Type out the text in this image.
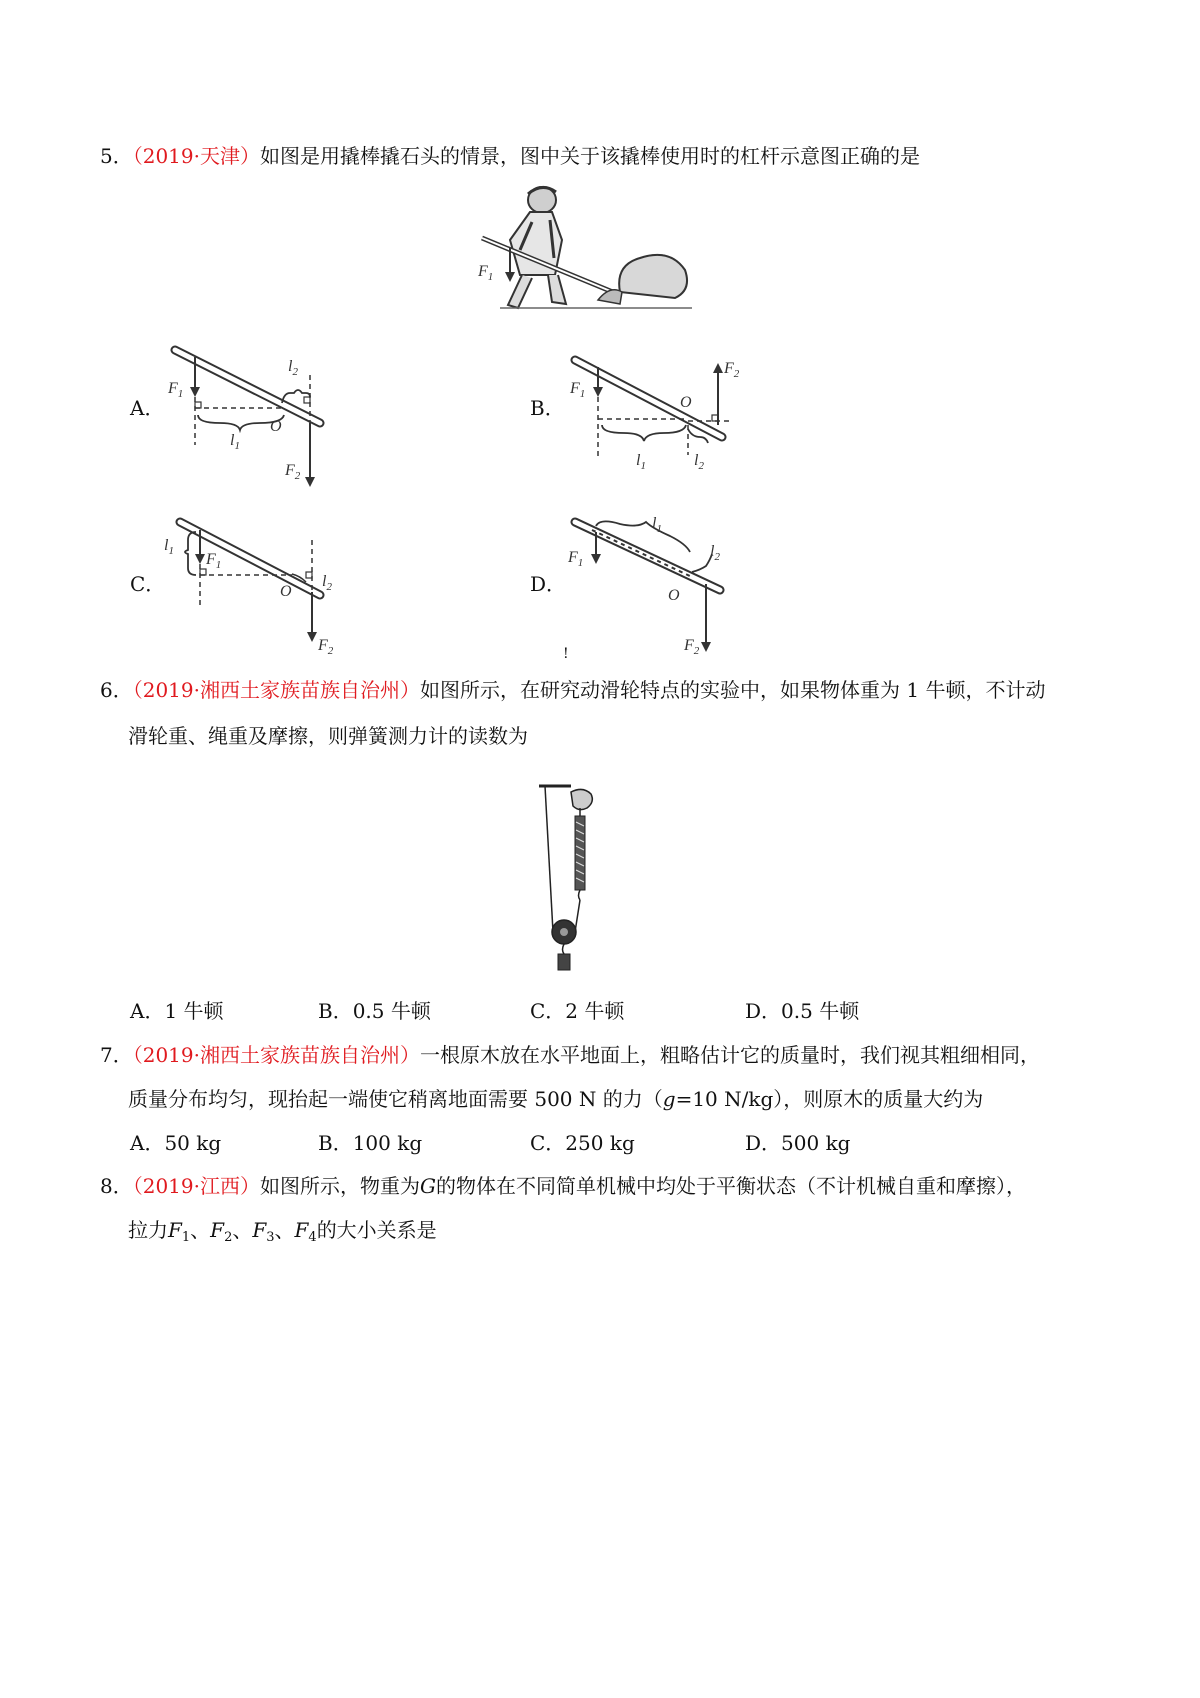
5．（2019·天津）如图是用撬棒撬石头的情景，图中关于该撬棒使用时的杠杆示意图正确的是
$F_1$
A．
$F_1$
$l_1$
O
$l_2$
$F_2$
B．
$F_1$
$F_2$
O
$l_1$	$l_2$
C．
$l_1$ $F_1$
O
$l_2$
$F_2$
D．
$l_1$
$F_1$
$l_2$
O
$F_2$
!
6．（2019·湘西土家族苗族自治州）如图所示，在研究动滑轮特点的实验中，如果物体重为 1 牛顿，不计动
滑轮重、绳重及摩擦，则弹簧测力计的读数为
A．1 牛顿	B．0.5 牛顿	C．2 牛顿	D．0.5 牛顿
7．（2019·湘西土家族苗族自治州）一根原木放在水平地面上，粗略估计它的质量时，我们视其粗细相同，
质量分布均匀，现抬起一端使它稍离地面需要 500 N 的力（g=10 N/kg），则原木的质量大约为
A．50 kg	B．100 kg	C．250 kg	D．500 kg
8．（2019·江西）如图所示，物重为G的物体在不同简单机械中均处于平衡状态（不计机械自重和摩擦），
拉力$F_1$、$F_2$、$F_3$、$F_4$的大小关系是
